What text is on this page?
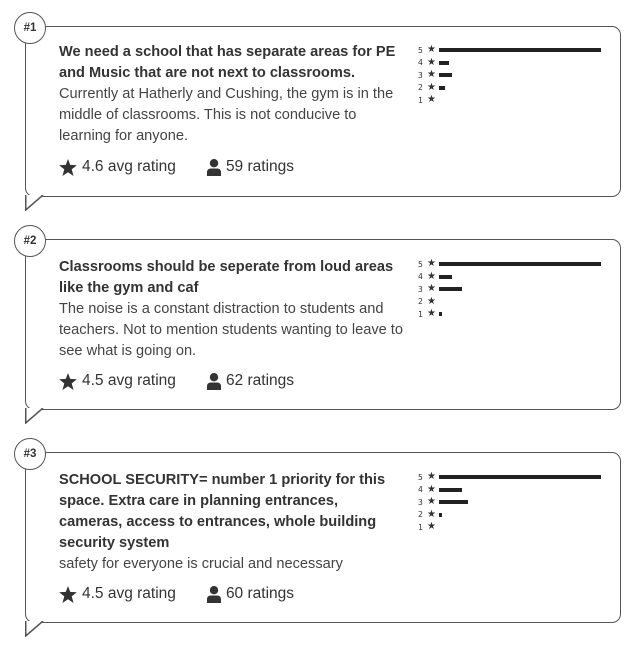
#1
We need a school that has separate areas for PE and Music that are not next to classrooms.
Currently at Hatherly and Cushing, the gym is in the middle of classrooms. This is not conducive to learning for anyone.
4.6 avg rating	59 ratings
5 ★
4 ★
3 ★
2 ★
1 ★
#2
Classrooms should be seperate from loud areas like the gym and caf
The noise is a constant distraction to students and teachers. Not to mention students wanting to leave to see what is going on.
4.5 avg rating	62 ratings
5 ★
4 ★
3 ★
2 ★
1 ★
#3
SCHOOL SECURITY= number 1 priority for this space. Extra care in planning entrances, cameras, access to entrances, whole building security system
safety for everyone is crucial and necessary
4.5 avg rating	60 ratings
5 ★
4 ★
3 ★
2 ★
1 ★
